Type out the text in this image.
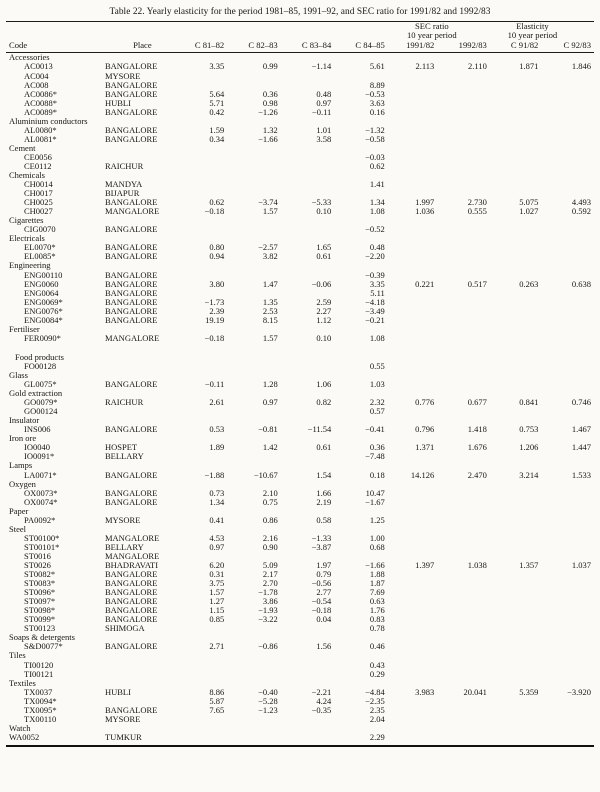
Table 22. Yearly elasticity for the period 1981–85, 1991–92, and SEC ratio for 1991/82 and 1992/83

SEC ratio
10 year period

Elasticity
10 year period

Code	Place	C 81–82	C 82–83	C 83–84	C 84–85	1991/82	1992/83	C 91/82	C 92/83
Accessories									
AC0013	BANGALORE	3.35	0.99	−1.14	5.61	2.113	2.110	1.871	1.846
AC004	MYSORE								
AC008	BANGALORE				8.89				
AC0086*	BANGALORE	5.64	0.36	0.48	−0.53				
AC0088*	HUBLI	5.71	0.98	0.97	3.63				
AC0089*	BANGALORE	0.42	−1.26	−0.11	0.16				
Aluminium conductors									
AL0080*	BANGALORE	1.59	1.32	1.01	−1.32				
AL0081*	BANGALORE	0.34	−1.66	3.58	−0.58				
Cement									
CE0056					−0.03				
CE0112	RAICHUR				0.62				
Chemicals									
CH0014	MANDYA				1.41				
CH0017	BIJAPUR								
CH0025	BANGALORE	0.62	−3.74	−5.33	1.34	1.997	2.730	5.075	4.493
CH0027	MANGALORE	−0.18	1.57	0.10	1.08	1.036	0.555	1.027	0.592
Cigarettes									
CIG0070	BANGALORE				−0.52				
Electricals									
EL0070*	BANGALORE	0.80	−2.57	1.65	0.48				
EL0085*	BANGALORE	0.94	3.82	0.61	−2.20				
Engineering									
ENG00110	BANGALORE				−0.39				
ENG0060	BANGALORE	3.80	1.47	−0.06	3.35	0.221	0.517	0.263	0.638
ENG0064	BANGALORE				5.11				
ENG0069*	BANGALORE	−1.73	1.35	2.59	−4.18				
ENG0076*	BANGALORE	2.39	2.53	2.27	−3.49				
ENG0084*	BANGALORE	19.19	8.15	1.12	−0.21				
Fertiliser									
FER0090*	MANGALORE	−0.18	1.57	0.10	1.08				

Food products									
FO00128					0.55				
Glass									
GL0075*	BANGALORE	−0.11	1.28	1.06	1.03				
Gold extraction									
GO0079*	RAICHUR	2.61	0.97	0.82	2.32	0.776	0.677	0.841	0.746
GO00124					0.57				
Insulator									
INS006	BANGALORE	0.53	−0.81	−11.54	−0.41	0.796	1.418	0.753	1.467
Iron ore									
IO0040	HOSPET	1.89	1.42	0.61	0.36	1.371	1.676	1.206	1.447
IO0091*	BELLARY				−7.48				
Lamps									
LA0071*	BANGALORE	−1.88	−10.67	1.54	0.18	14.126	2.470	3.214	1.533
Oxygen									
OX0073*	BANGALORE	0.73	2.10	1.66	10.47				
OX0074*	BANGALORE	1.34	0.75	2.19	−1.67				
Paper									
PA0092*	MYSORE	0.41	0.86	0.58	1.25				
Steel									
ST00100*	MANGALORE	4.53	2.16	−1.33	1.00				
ST00101*	BELLARY	0.97	0.90	−3.87	0.68				
ST0016	MANGALORE								
ST0026	BHADRAVATI	6.20	5.09	1.97	−1.66	1.397	1.038	1.357	1.037
ST0082*	BANGALORE	0.31	2.17	0.79	1.88				
ST0083*	BANGALORE	3.75	2.70	−0.56	1.87				
ST0096*	BANGALORE	1.57	−1.78	2.77	7.69				
ST0097*	BANGALORE	1.27	3.86	−0.54	0.63				
ST0098*	BANGALORE	1.15	−1.93	−0.18	1.76				
ST0099*	BANGALORE	0.85	−3.22	0.04	0.83				
ST00123	SHIMOGA				0.78				
Soaps & detergents									
S&D0077*	BANGALORE	2.71	−0.86	1.56	0.46				
Tiles									
TI00120					0.43				
TI00121					0.29				
Textiles									
TX0037	HUBLI	8.86	−0.40	−2.21	−4.84	3.983	20.041	5.359	−3.920
TX0094*		5.87	−5.28	4.24	−2.35				
TX0095*	BANGALORE	7.65	−1.23	−0.35	2.35				
TX00110	MYSORE				2.04				
Watch									
WA0052	TUMKUR				2.29				
